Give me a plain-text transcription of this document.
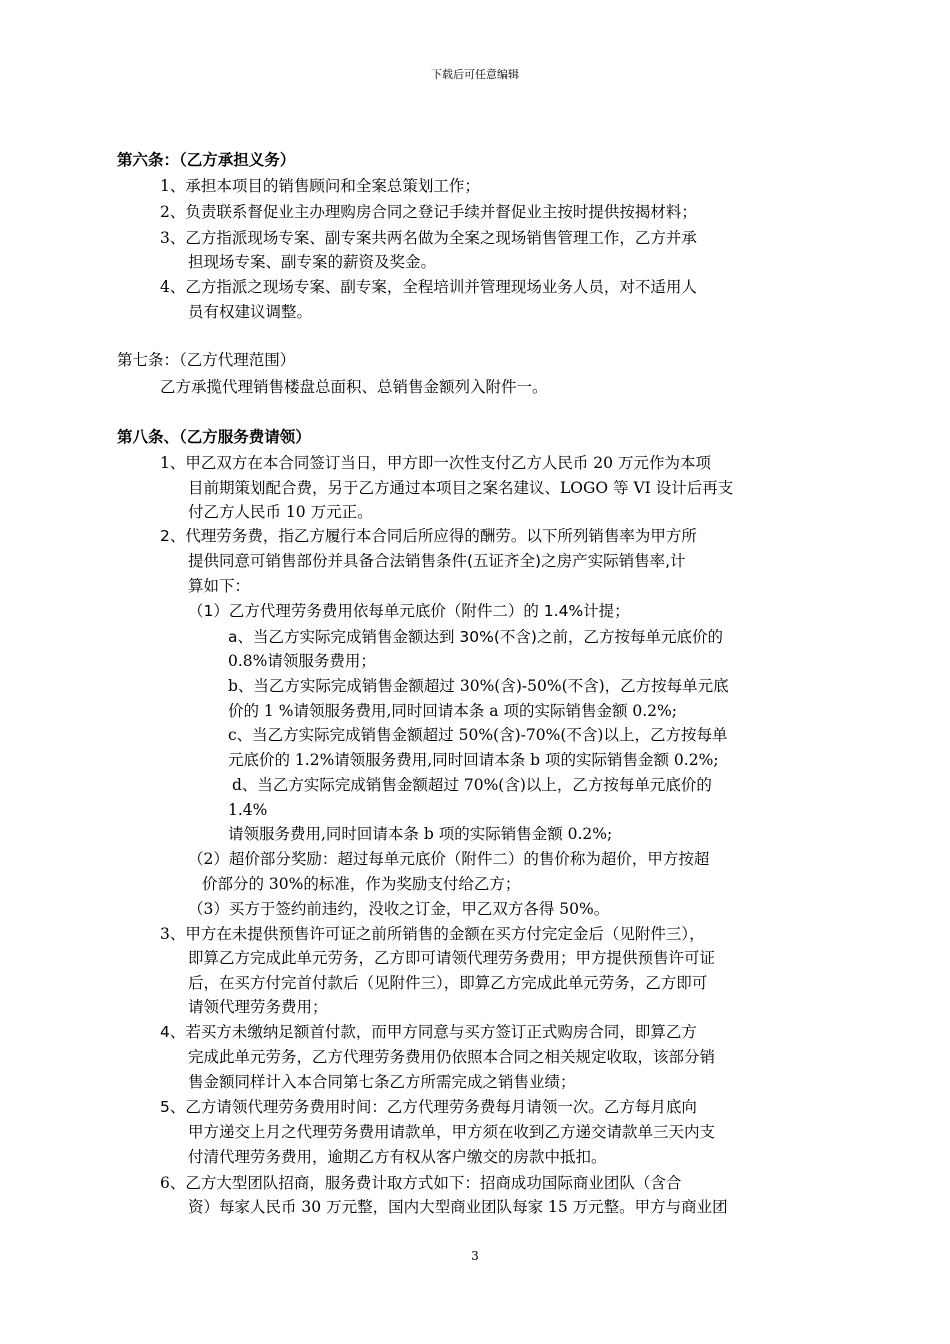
下载后可任意编辑
第六条：（乙方承担义务）
1、承担本项目的销售顾问和全案总策划工作；
2、负责联系督促业主办理购房合同之登记手续并督促业主按时提供按揭材料；
3、乙方指派现场专案、副专案共两名做为全案之现场销售管理工作，乙方并承
担现场专案、副专案的薪资及奖金。
4、乙方指派之现场专案、副专案，全程培训并管理现场业务人员，对不适用人
员有权建议调整。
第七条：（乙方代理范围）
乙方承揽代理销售楼盘总面积、总销售金额列入附件一。
第八条、（乙方服务费请领）
1、甲乙双方在本合同签订当日，甲方即一次性支付乙方人民币 20 万元作为本项
目前期策划配合费，另于乙方通过本项目之案名建议、LOGO 等 VI 设计后再支
付乙方人民币 10 万元正。
2、代理劳务费，指乙方履行本合同后所应得的酬劳。以下所列销售率为甲方所
提供同意可销售部份并具备合法销售条件(五证齐全)之房产实际销售率,计
算如下：
（1）乙方代理劳务费用依每单元底价（附件二）的 1.4%计提；
a、当乙方实际完成销售金额达到 30%(不含)之前，乙方按每单元底价的
0.8%请领服务费用；
b、当乙方实际完成销售金额超过 30%(含)-50%(不含)，乙方按每单元底
价的 1 %请领服务费用,同时回请本条 a 项的实际销售金额 0.2%;
c、当乙方实际完成销售金额超过 50%(含)-70%(不含)以上，乙方按每单
元底价的 1.2%请领服务费用,同时回请本条 b 项的实际销售金额 0.2%;
d、当乙方实际完成销售金额超过 70%(含)以上，乙方按每单元底价的
1.4%
请领服务费用,同时回请本条 b 项的实际销售金额 0.2%;
（2）超价部分奖励：超过每单元底价（附件二）的售价称为超价，甲方按超
价部分的 30%的标准，作为奖励支付给乙方；
（3）买方于签约前违约，没收之订金，甲乙双方各得 50%。
3、甲方在未提供预售许可证之前所销售的金额在买方付完定金后（见附件三），
即算乙方完成此单元劳务，乙方即可请领代理劳务费用；甲方提供预售许可证
后，在买方付完首付款后（见附件三），即算乙方完成此单元劳务，乙方即可
请领代理劳务费用；
4、若买方未缴纳足额首付款，而甲方同意与买方签订正式购房合同，即算乙方
完成此单元劳务，乙方代理劳务费用仍依照本合同之相关规定收取，该部分销
售金额同样计入本合同第七条乙方所需完成之销售业绩；
5、乙方请领代理劳务费用时间：乙方代理劳务费每月请领一次。乙方每月底向
甲方递交上月之代理劳务费用请款单，甲方须在收到乙方递交请款单三天内支
付清代理劳务费用，逾期乙方有权从客户缴交的房款中抵扣。
6、乙方大型团队招商，服务费计取方式如下：招商成功国际商业团队（含合
资）每家人民币 30 万元整，国内大型商业团队每家 15 万元整。甲方与商业团
3
